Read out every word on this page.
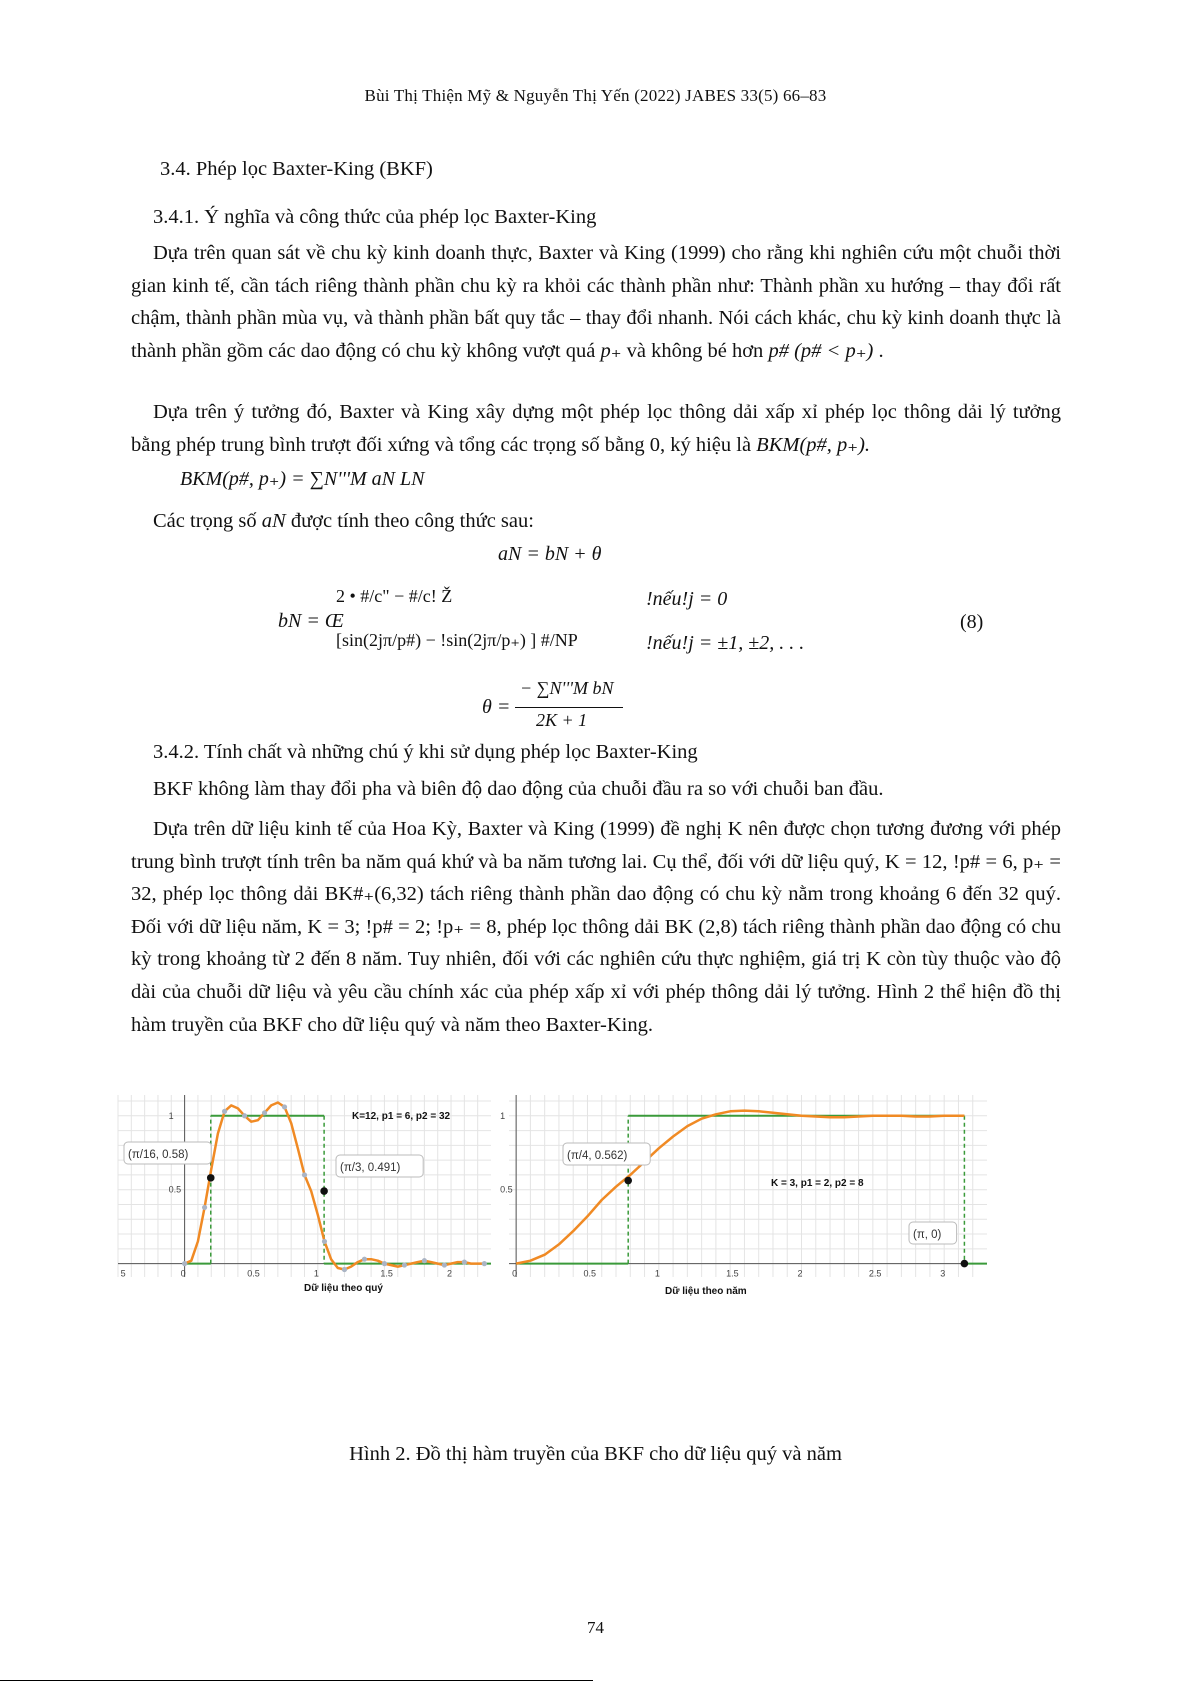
Bùi Thị Thiện Mỹ & Nguyễn Thị Yến (2022) JABES 33(5) 66–83
3.4. Phép lọc Baxter-King (BKF)
3.4.1. Ý nghĩa và công thức của phép lọc Baxter-King
Dựa trên quan sát về chu kỳ kinh doanh thực, Baxter và King (1999) cho rằng khi nghiên cứu một chuỗi thời gian kinh tế, cần tách riêng thành phần chu kỳ ra khỏi các thành phần như: Thành phần xu hướng – thay đổi rất chậm, thành phần mùa vụ, và thành phần bất quy tắc – thay đổi nhanh. Nói cách khác, chu kỳ kinh doanh thực là thành phần gồm các dao động có chu kỳ không vượt quá p₊ và không bé hơn p# (p# < p₊) .
Dựa trên ý tưởng đó, Baxter và King xây dựng một phép lọc thông dải xấp xỉ phép lọc thông dải lý tưởng bằng phép trung bình trượt đối xứng và tổng các trọng số bằng 0, ký hiệu là BKM(p#, p₊).
BKM(p#, p₊) = ∑N'''M aN LN
Các trọng số aN được tính theo công thức sau:
aN = bN + θ
bN = Œ
2 • #/c" − #/c! Ž	!nếu!j = 0
[sin(2jπ/p#) − !sin(2jπ/p₊) ] #/NP	!nếu!j = ±1, ±2, . . .
(8)
θ =
− ∑N'''M bN
2K + 1
3.4.2. Tính chất và những chú ý khi sử dụng phép lọc Baxter-King
BKF không làm thay đổi pha và biên độ dao động của chuỗi đầu ra so với chuỗi ban đầu.
Dựa trên dữ liệu kinh tế của Hoa Kỳ, Baxter và King (1999) đề nghị K nên được chọn tương đương với phép trung bình trượt tính trên ba năm quá khứ và ba năm tương lai. Cụ thể, đối với dữ liệu quý, K = 12, !p# = 6, p₊ = 32, phép lọc thông dải BK#₊(6,32) tách riêng thành phần dao động có chu kỳ nằm trong khoảng 6 đến 32 quý. Đối với dữ liệu năm, K = 3; !p# = 2; !p₊ = 8, phép lọc thông dải BK (2,8) tách riêng thành phần dao động có chu kỳ trong khoảng từ 2 đến 8 năm. Tuy nhiên, đối với các nghiên cứu thực nghiệm, giá trị K còn tùy thuộc vào độ dài của chuỗi dữ liệu và yêu cầu chính xác của phép xấp xỉ với phép thông dải lý tưởng. Hình 2 thể hiện đồ thị hàm truyền của BKF cho dữ liệu quý và năm theo Baxter-King.
5	0	0.5	1	1.5	2
1
0.5
(π/16, 0.58)
(π/3, 0.491)
K=12, p1 = 6, p2 = 32
Dữ liệu theo quý
0	0.5	1	1.5	2	2.5	3
1
0.5
(π/4, 0.562)
(π, 0)
K = 3, p1 = 2, p2 = 8
Dữ liệu theo năm
Hình 2. Đồ thị hàm truyền của BKF cho dữ liệu quý và năm
74
